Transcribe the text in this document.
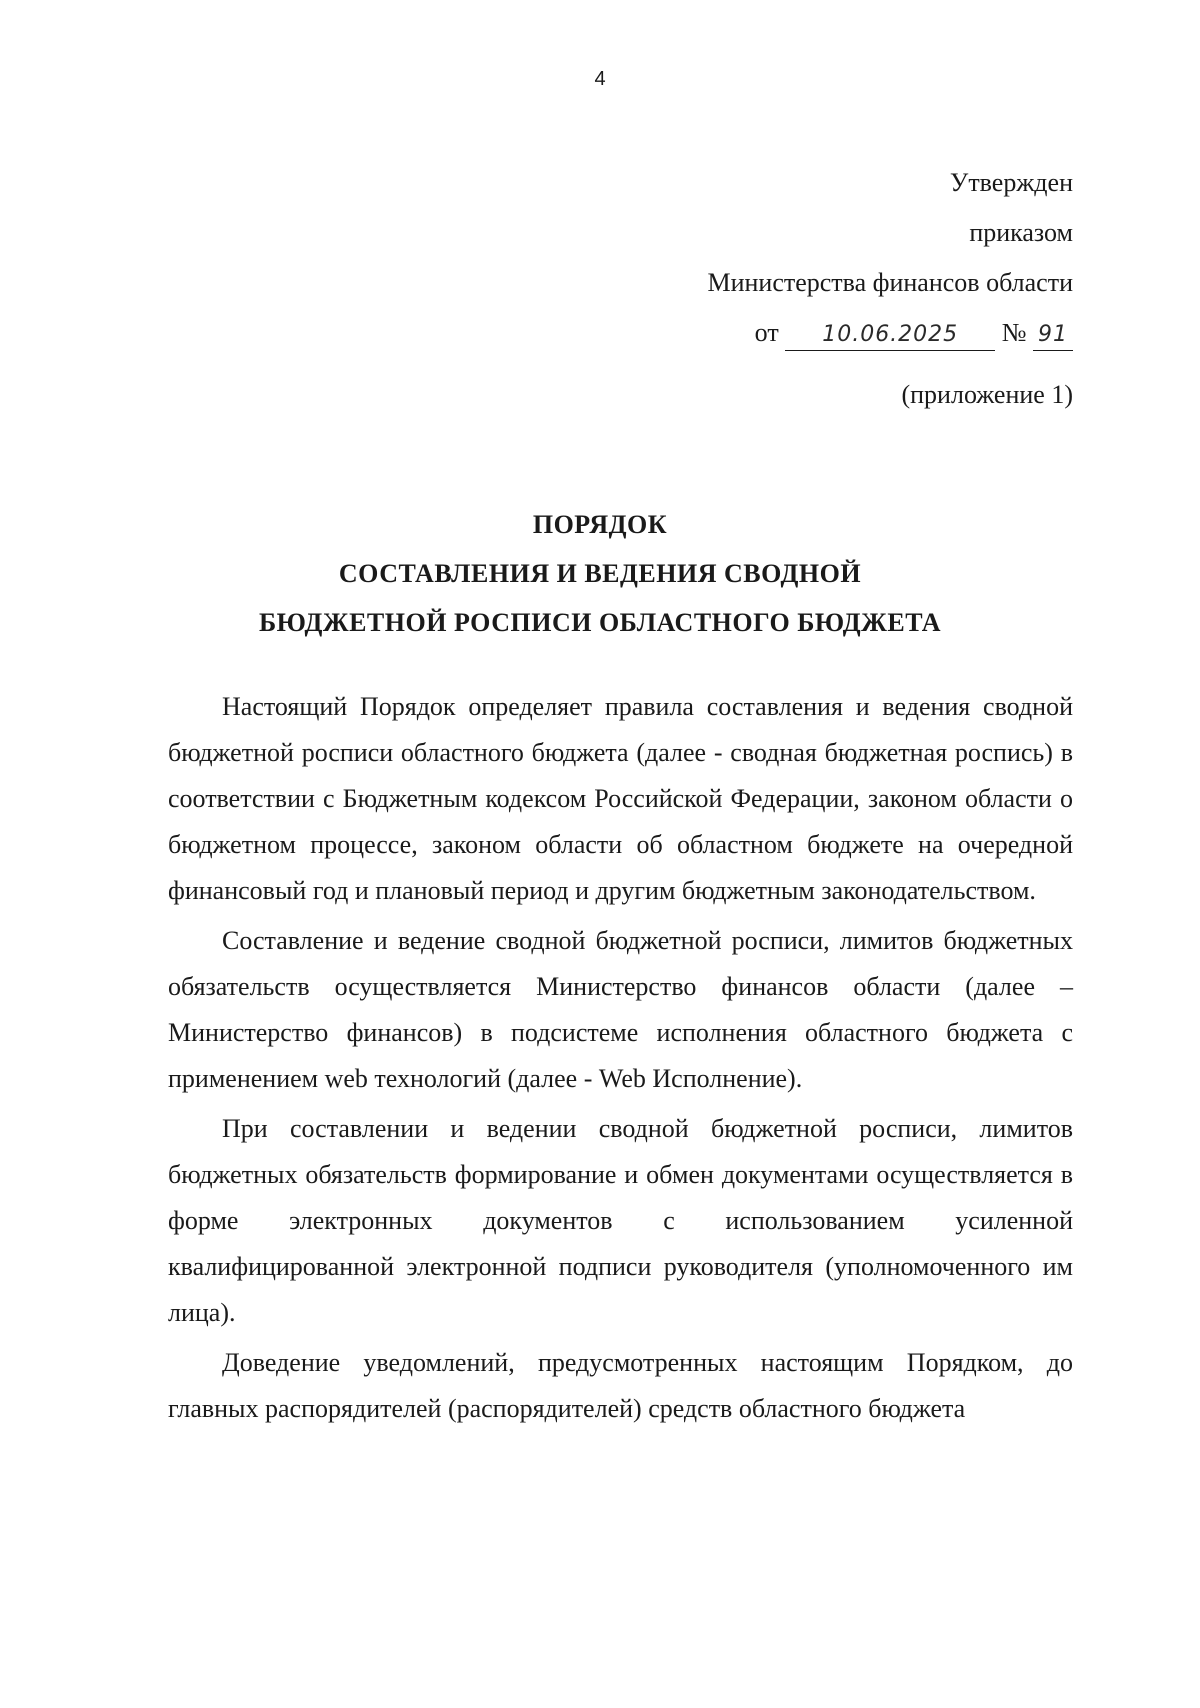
4
Утвержден
приказом
Министерства финансов области
от 10.06.2025 № 91
(приложение 1)
ПОРЯДОК
СОСТАВЛЕНИЯ И ВЕДЕНИЯ СВОДНОЙ
БЮДЖЕТНОЙ РОСПИСИ ОБЛАСТНОГО БЮДЖЕТА

Настоящий Порядок определяет правила составления и ведения сводной бюджетной росписи областного бюджета (далее - сводная бюджетная роспись) в соответствии с Бюджетным кодексом Российской Федерации, законом области о бюджетном процессе, законом области об областном бюджете на очередной финансовый год и плановый период и другим бюджетным законодательством.

Составление и ведение сводной бюджетной росписи, лимитов бюджетных обязательств осуществляется Министерство финансов области (далее – Министерство финансов) в подсистеме исполнения областного бюджета с применением web технологий (далее - Web Исполнение).

При составлении и ведении сводной бюджетной росписи, лимитов бюджетных обязательств формирование и обмен документами осуществляется в форме электронных документов с использованием усиленной квалифицированной электронной подписи руководителя (уполномоченного им лица).

Доведение уведомлений, предусмотренных настоящим Порядком, до главных распорядителей (распорядителей) средств областного бюджета
